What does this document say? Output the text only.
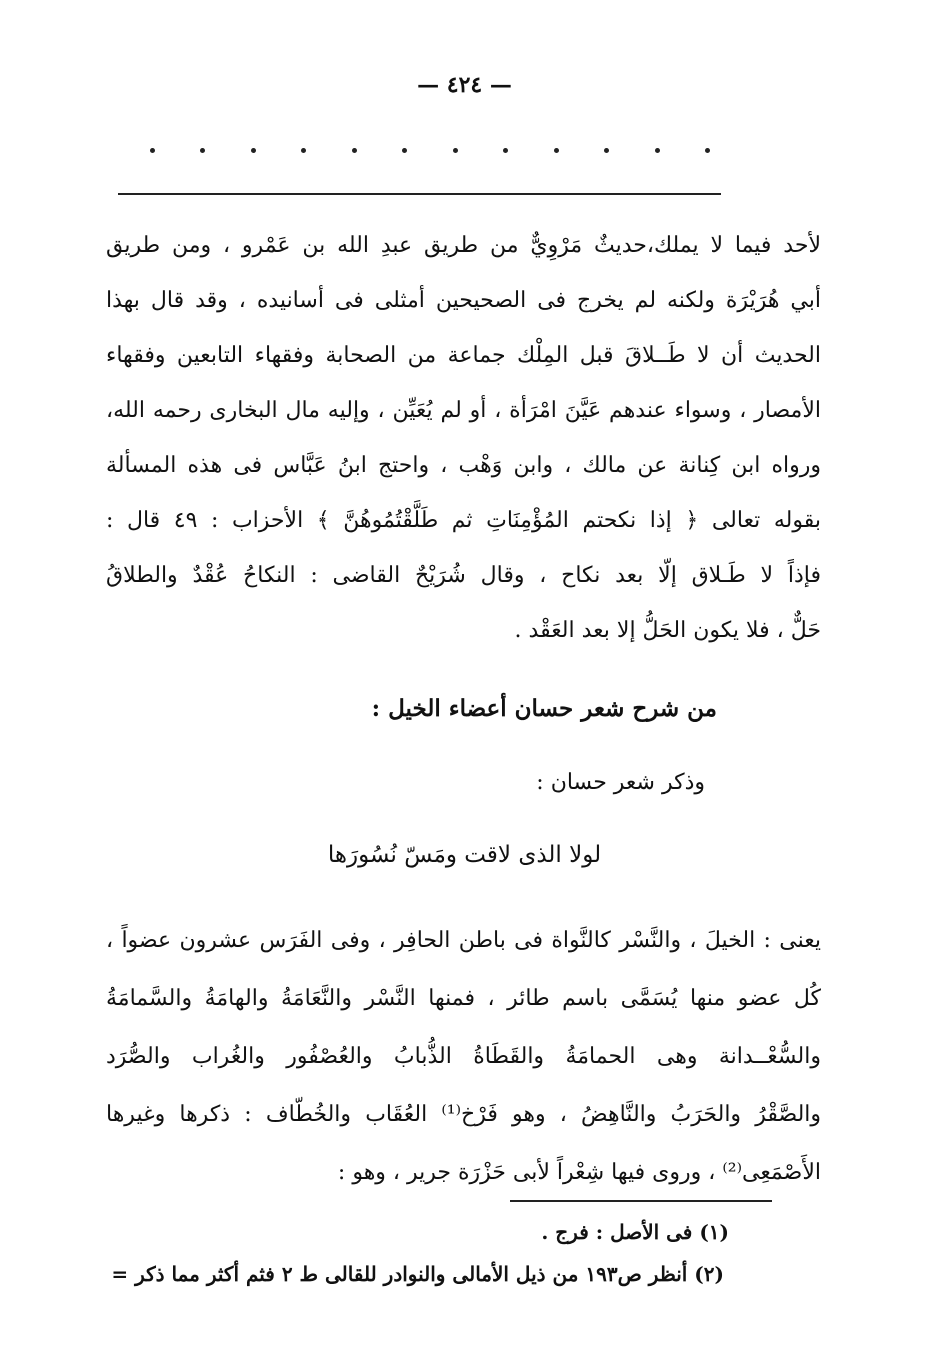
— ٤٢٤ —
لأحد فيما لا يملك،حديثٌ مَرْوِيٌّ من طريق عبدِ الله بن عَمْرو ، ومن طريق
أبي هُرَيْرَة ولكنه لم يخرج فى الصحيحين أمثلى فى أسانيده ، وقد قال بهذا
الحديث أن لا طَــلاقَ قبل المِلْك جماعة من الصحابة وفقهاء التابعين وفقهاء
الأمصار ، وسواء عندهم عَيَّنَ امْرَأة ، أو لم يُعَيِّن ، وإليه مال البخارى رحمه الله،
ورواه ابن كِنانة عن مالك ، وابن وَهْب ، واحتج ابنُ عَبَّاس فى هذه المسألة
بقوله تعالى ﴿ إذا نكحتم المُؤْمِنَاتِ ثم طَلَّقْتُمُوهُنَّ ﴾ الأحزاب : ٤٩ قال :
فإذاً لا طَـلاق إلّا بعد نكاح ، وقال شُرَيْحٌ القاضى : النكاحُ عُقْدٌ والطلاقُ
حَلٌّ ، فلا يكون الحَلُّ إلا بعد العَقْد .
من شرح شعر حسان أعضاء الخيل :
وذكر شعر حسان :
لولا الذى لاقت ومَسّ نُسُورَها
يعنى : الخيلَ ، والنَّسْر كالنَّواة فى باطن الحافِر ، وفى الفَرَس عشرون عضواً ،
كُل عضو منها يُسَمَّى باسم طائر ، فمنها النَّسْر والنَّعَامَةُ والهامَةُ والسَّمامَةُ
والسُّعْــدانة وهى الحمامَةُ والقَطَاةُ الذُّبابُ والعُصْفُور والغُراب والصُّرَد
والصَّقْرُ والحَرَبُ والنَّاهِضُ ، وهو فَرْخ⁽¹⁾ العُقَاب والخُطّاف : ذكرها وغيرها
الأَصْمَعِى⁽²⁾ ، وروى فيها شِعْراً لأبى حَزْرَة جرير ، وهو :
(١) فى الأصل : فرج .
(٢) أنظر ص١٩٣ من ذيل الأمالى والنوادر للقالى ط ٢ فثم أكثر مما ذكر =
